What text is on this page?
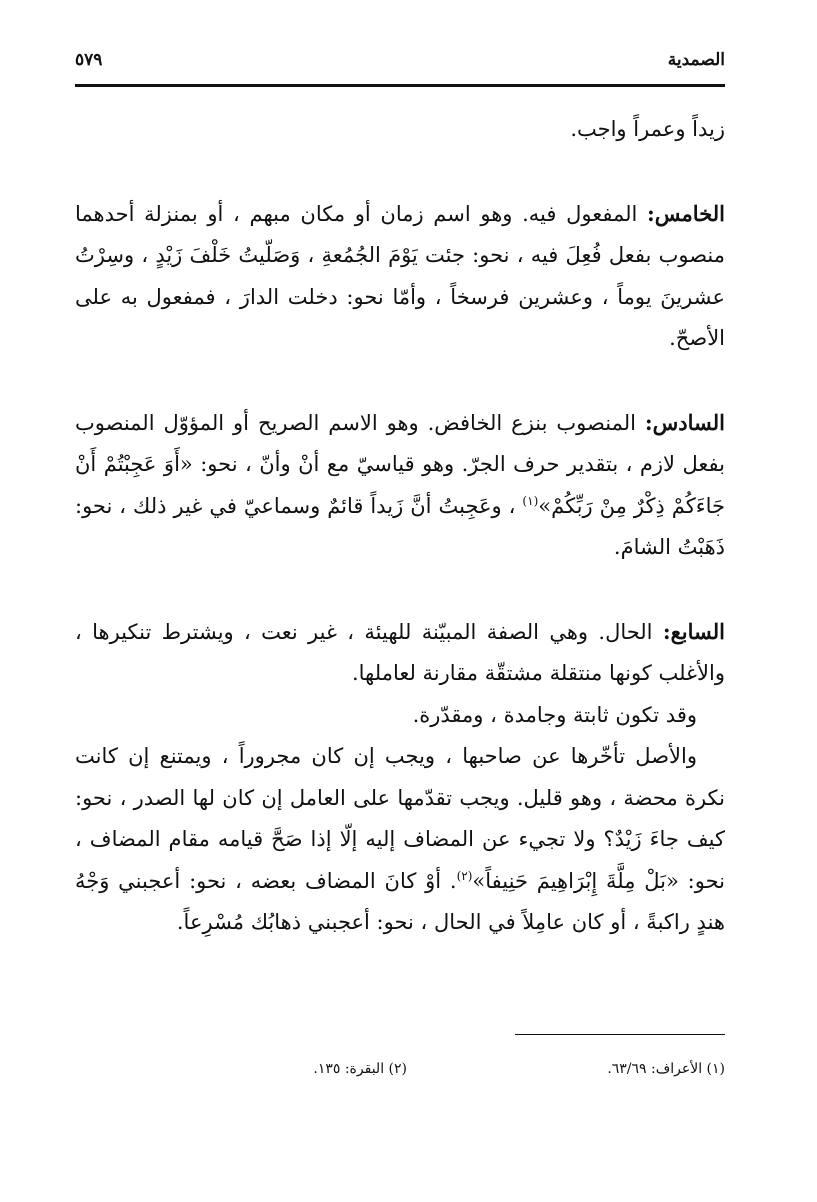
الصمدية
٥٧٩

زيداً وعمراً واجب.

الخامس: المفعول فيه. وهو اسم زمان أو مكان مبهم ، أو بمنزلة أحدهما منصوب بفعل فُعِلَ فيه ، نحو: جئت يَوْمَ الجُمُعةِ ، وَصَلّيتُ خَلْفَ زَيْدٍ ، وسِرْتُ عشرينَ يوماً ، وعشرين فرسخاً ، وأمّا نحو: دخلت الدارَ ، فمفعول به على الأصحّ.

السادس: المنصوب بنزع الخافض. وهو الاسم الصريح أو المؤوّل المنصوب بفعل لازم ، بتقدير حرف الجرّ. وهو قياسيّ مع أنْ وأنّ ، نحو: «أَوَ عَجِبْتُمْ أَنْ جَاءَكُمْ ذِكْرٌ مِنْ رَبِّكُمْ»$^{(١)}$ ، وعَجِبتُ أنَّ زَيداً قائمٌ وسماعيّ في غير ذلك ، نحو: ذَهَبْتُ الشامَ.

السابع: الحال. وهي الصفة المبيّنة للهيئة ، غير نعت ، ويشترط تنكيرها ، والأغلب كونها منتقلة مشتقّة مقارنة لعاملها.

وقد تكون ثابتة وجامدة ، ومقدّرة.

والأصل تأخّرها عن صاحبها ، ويجب إن كان مجروراً ، ويمتنع إن كانت نكرة محضة ، وهو قليل. ويجب تقدّمها على العامل إن كان لها الصدر ، نحو: كيف جاءَ زَيْدٌ؟ ولا تجيء عن المضاف إليه إلّا إذا صَحَّ قيامه مقام المضاف ، نحو: «بَلْ مِلَّةَ إِبْرَاهِيمَ حَنِيفاً»$^{(٢)}$. أوْ كانَ المضاف بعضه ، نحو: أعجبني وَجْهُ هندٍ راكبةً ، أو كان عامِلاً في الحال ، نحو: أعجبني ذهابُك مُسْرِعاً.

(١) الأعراف: ٦٣/٦٩.
(٢) البقرة: ١٣٥.
